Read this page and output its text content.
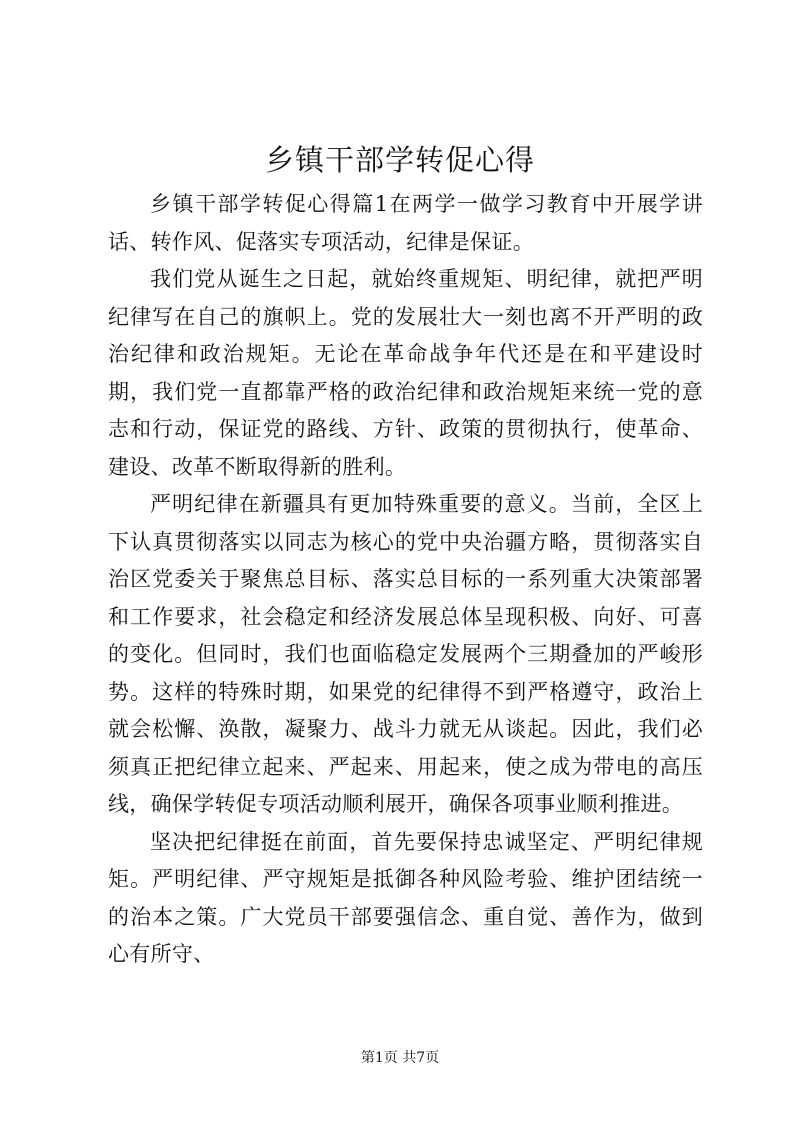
乡镇干部学转促心得

乡镇干部学转促心得篇1在两学一做学习教育中开展学讲话、转作风、促落实专项活动，纪律是保证。

我们党从诞生之日起，就始终重规矩、明纪律，就把严明纪律写在自己的旗帜上。党的发展壮大一刻也离不开严明的政治纪律和政治规矩。无论在革命战争年代还是在和平建设时期，我们党一直都靠严格的政治纪律和政治规矩来统一党的意志和行动，保证党的路线、方针、政策的贯彻执行，使革命、建设、改革不断取得新的胜利。

严明纪律在新疆具有更加特殊重要的意义。当前，全区上下认真贯彻落实以同志为核心的党中央治疆方略，贯彻落实自治区党委关于聚焦总目标、落实总目标的一系列重大决策部署和工作要求，社会稳定和经济发展总体呈现积极、向好、可喜的变化。但同时，我们也面临稳定发展两个三期叠加的严峻形势。这样的特殊时期，如果党的纪律得不到严格遵守，政治上就会松懈、涣散，凝聚力、战斗力就无从谈起。因此，我们必须真正把纪律立起来、严起来、用起来，使之成为带电的高压线，确保学转促专项活动顺利展开，确保各项事业顺利推进。

坚决把纪律挺在前面，首先要保持忠诚坚定、严明纪律规矩。严明纪律、严守规矩是抵御各种风险考验、维护团结统一的治本之策。广大党员干部要强信念、重自觉、善作为，做到心有所守、

第1页 共7页
